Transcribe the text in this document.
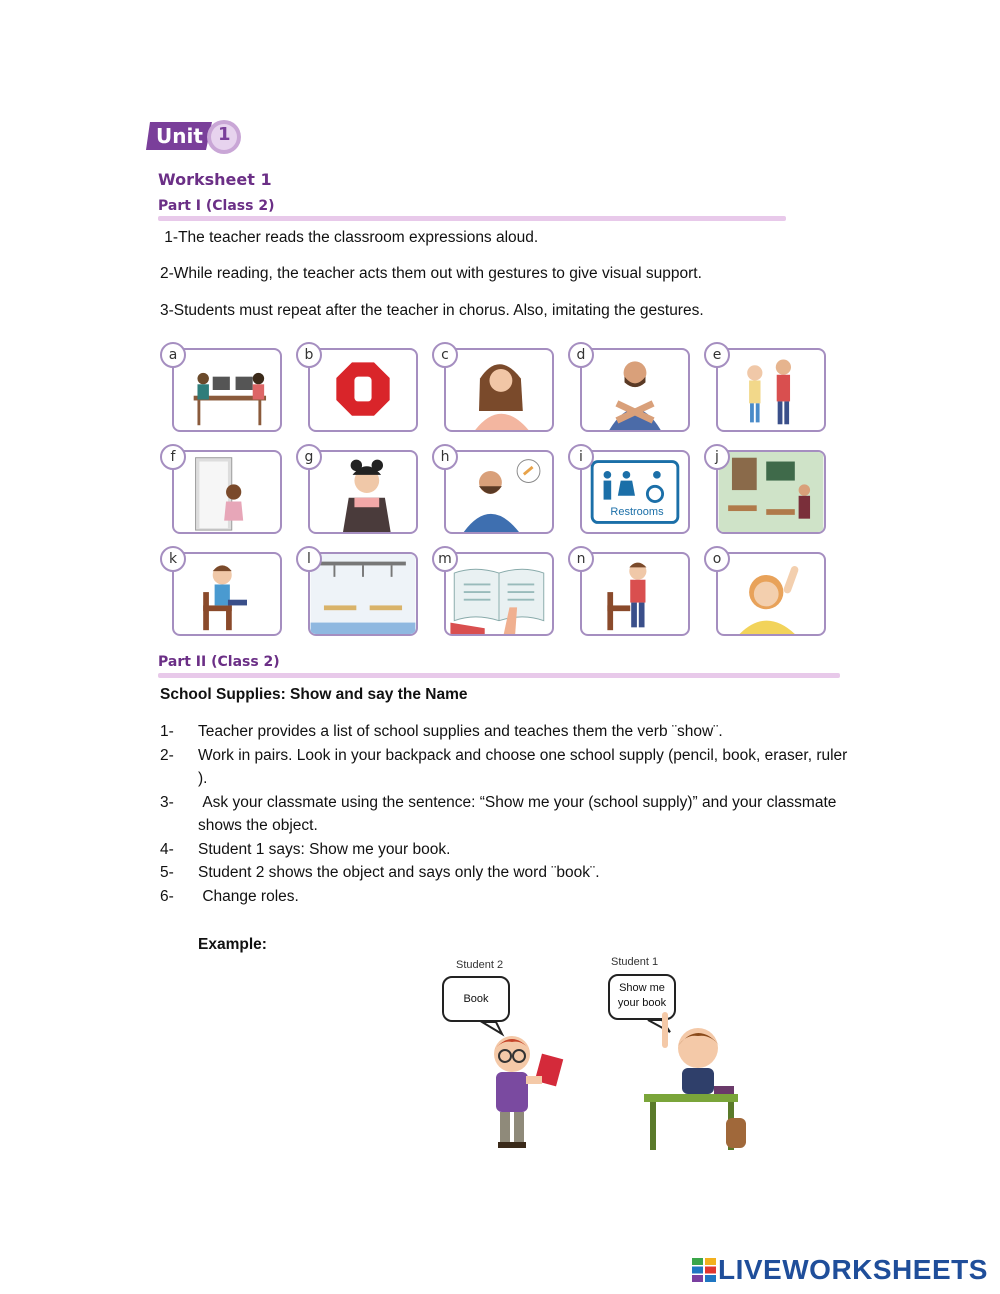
Unit 1
Worksheet 1
Part I (Class 2)
1-The teacher reads the classroom expressions aloud.
2-While reading, the teacher acts them out with gestures to give visual support.
3-Students must repeat after the teacher in chorus. Also, imitating the gestures.
a	b	c	d	e
f	g	h
Restrooms
i	j
k	l	m	n	o
Part II (Class 2)
School Supplies: Show and say the Name
1- Teacher provides a list of school supplies and teaches them the verb ¨show¨.
2- Work in pairs. Look in your backpack and choose one school supply (pencil, book, eraser, ruler ).
3- Ask your classmate using the sentence: “Show me your (school supply)” and your classmate shows the object.
4- Student 1 says: Show me your book.
5- Student 2 shows the object and says only the word ¨book¨.
6- Change roles.
Example:
Student 2
Book
Student 1
Show me
your book
LIVEWORKSHEETS
